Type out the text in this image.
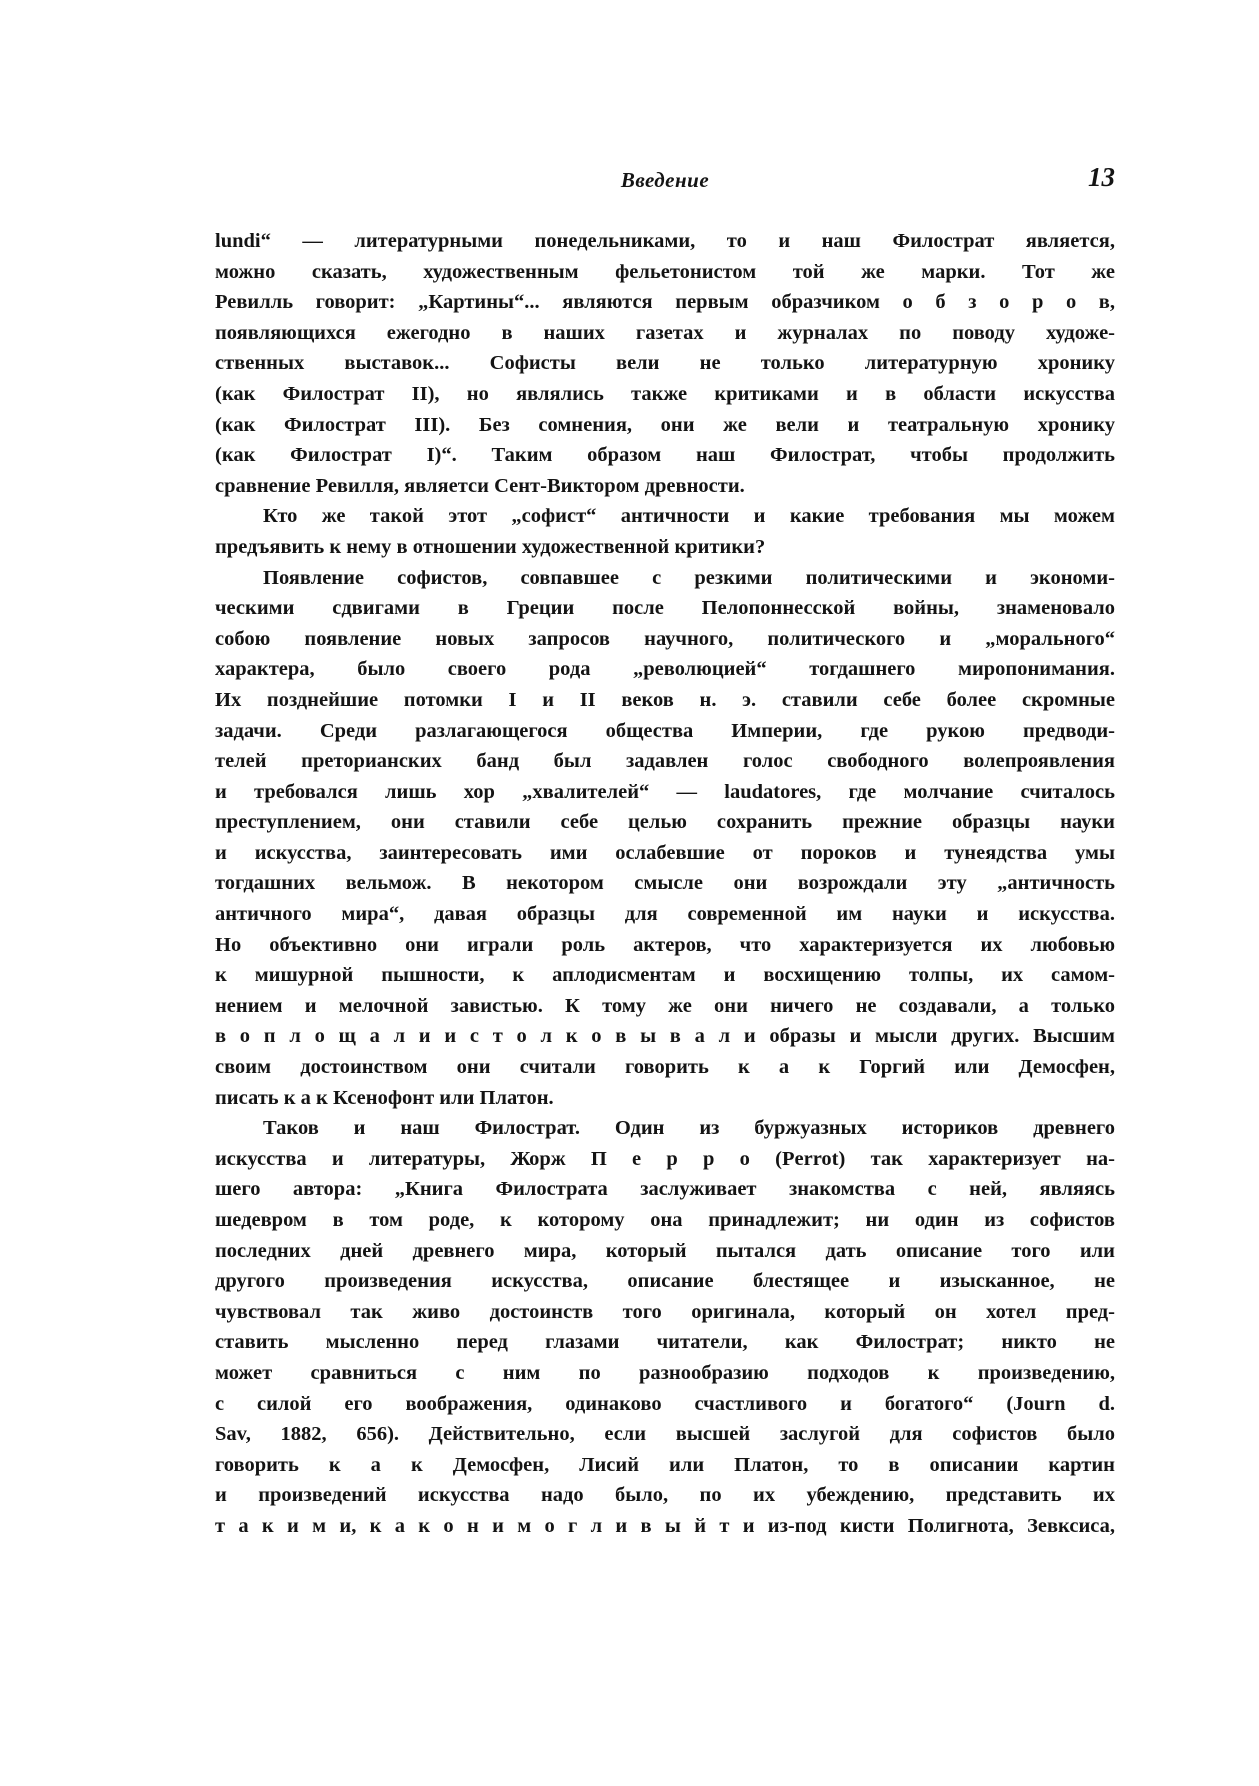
Введение	13
lundi“ — литературными понедельниками, то и наш Филострат является,
можно сказать, художественным фельетонистом той же марки. Тот же
Ревилль говорит: „Картины“... являются первым образчиком о б з о р о в,
появляющихся ежегодно в наших газетах и журналах по поводу художе-
ственных выставок... Софисты вели не только литературную хронику
(как Филострат II), но являлись также критиками и в области искусства
(как Филострат III). Без сомнения, они же вели и театральную хронику
(как Филострат I)“. Таким образом наш Филострат, чтобы продолжить
сравнение Ревилля, являетси Сент-Виктором древности.
Кто же такой этот „софист“ античности и какие требования мы можем
предъявить к нему в отношении художественной критики?
Появление софистов, совпавшее с резкими политическими и экономи-
ческими сдвигами в Греции после Пелопоннесской войны, знаменовало
собою появление новых запросов научного, политического и „морального“
характера, было своего рода „революцией“ тогдашнего миропонимания.
Их позднейшие потомки I и II веков н. э. ставили себе более скромные
задачи. Среди разлагающегося общества Империи, где рукою предводи-
телей преторианских банд был задавлен голос свободного волепроявления
и требовался лишь хор „хвалителей“ — laudatores, где молчание считалось
преступлением, они ставили себе целью сохранить прежние образцы науки
и искусства, заинтересовать ими ослабевшие от пороков и тунеядства умы
тогдашних вельмож. В некотором смысле они возрождали эту „античность
античного мира“, давая образцы для современной им науки и искусства.
Но объективно они играли роль актеров, что характеризуется их любовью
к мишурной пышности, к аплодисментам и восхищению толпы, их самом-
нением и мелочной завистью. К тому же они ничего не создавали, а только
в о п л о щ а л и и с т о л к о в ы в а л и образы и мысли других. Высшим
своим достоинством они считали говорить к а к Горгий или Демосфен,
писать к а к Ксенофонт или Платон.
Таков и наш Филострат. Один из буржуазных историков древнего
искусства и литературы, Жорж П е р р о (Perrot) так характеризует на-
шего автора: „Книга Филострата заслуживает знакомства с ней, являясь
шедевром в том роде, к которому она принадлежит; ни один из софистов
последних дней древнего мира, который пытался дать описание того или
другого произведения искусства, описание блестящее и изысканное, не
чувствовал так живо достоинств того оригинала, который он хотел пред-
ставить мысленно перед глазами читатели, как Филострат; никто не
может сравниться с ним по разнообразию подходов к произведению,
с силой его воображения, одинаково счастливого и богатого“ (Journ d.
Sav, 1882, 656). Действительно, если высшей заслугой для софистов было
говорить к а к Демосфен, Лисий или Платон, то в описании картин
и произведений искусства надо было, по их убеждению, представить их
т а к и м и, к а к о н и м о г л и в ы й т и из-под кисти Полигнота, Зевксиса,
